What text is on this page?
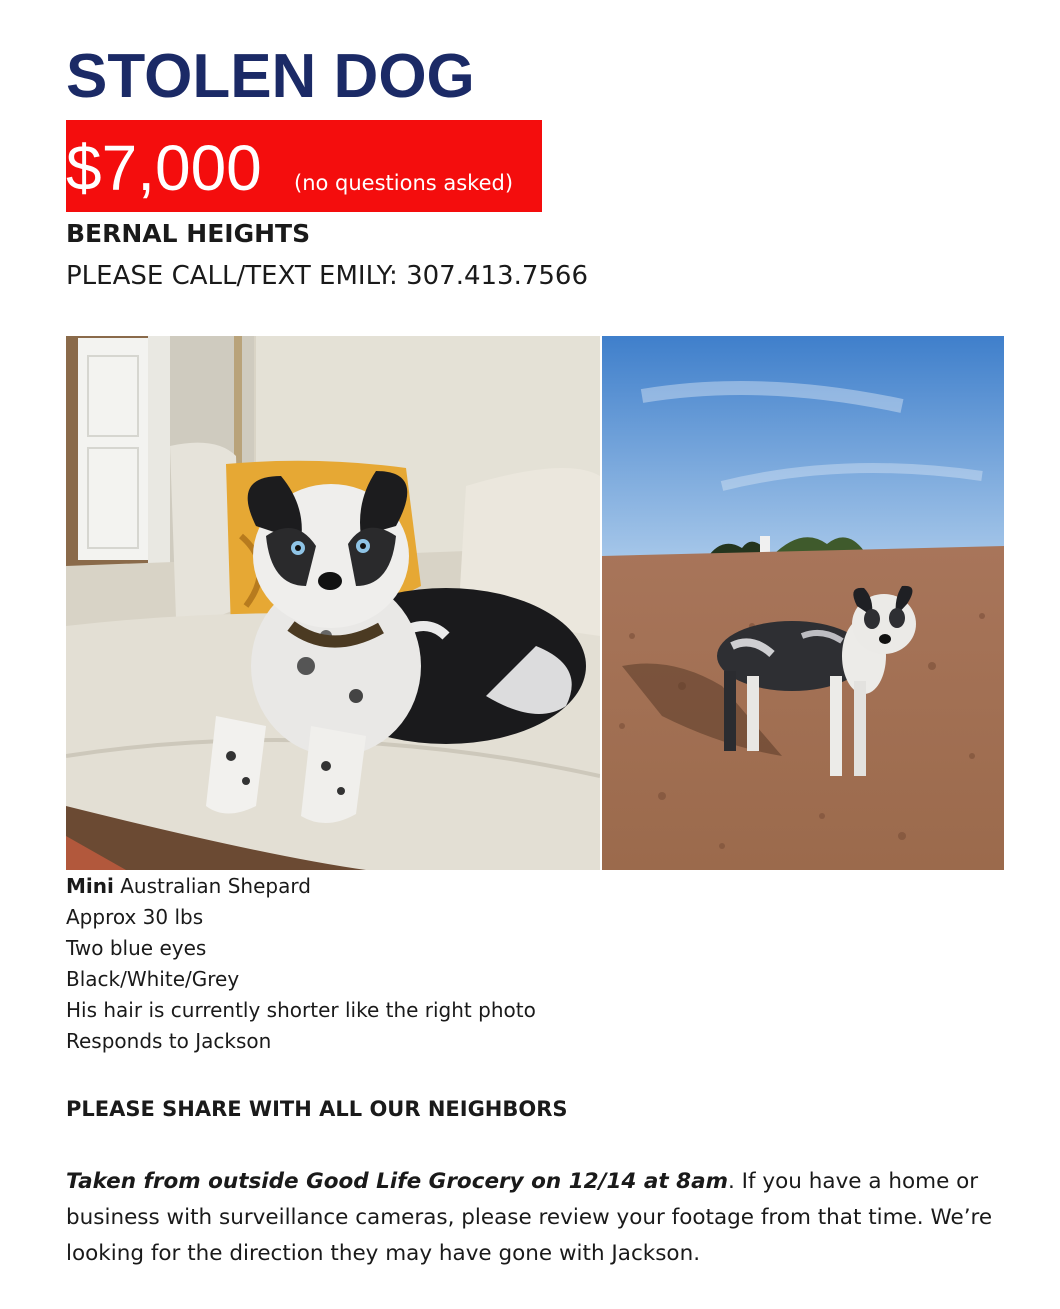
STOLEN DOG
$7,000 (no questions asked)
BERNAL HEIGHTS
PLEASE CALL/TEXT EMILY: 307.413.7566
Mini Australian Shepard
Approx 30 lbs
Two blue eyes
Black/White/Grey
His hair is currently shorter like the right photo
Responds to Jackson
PLEASE SHARE WITH ALL OUR NEIGHBORS
Taken from outside Good Life Grocery on 12/14 at 8am. If you have a home or business with surveillance cameras, please review your footage from that time. We’re looking for the direction they may have gone with Jackson.
